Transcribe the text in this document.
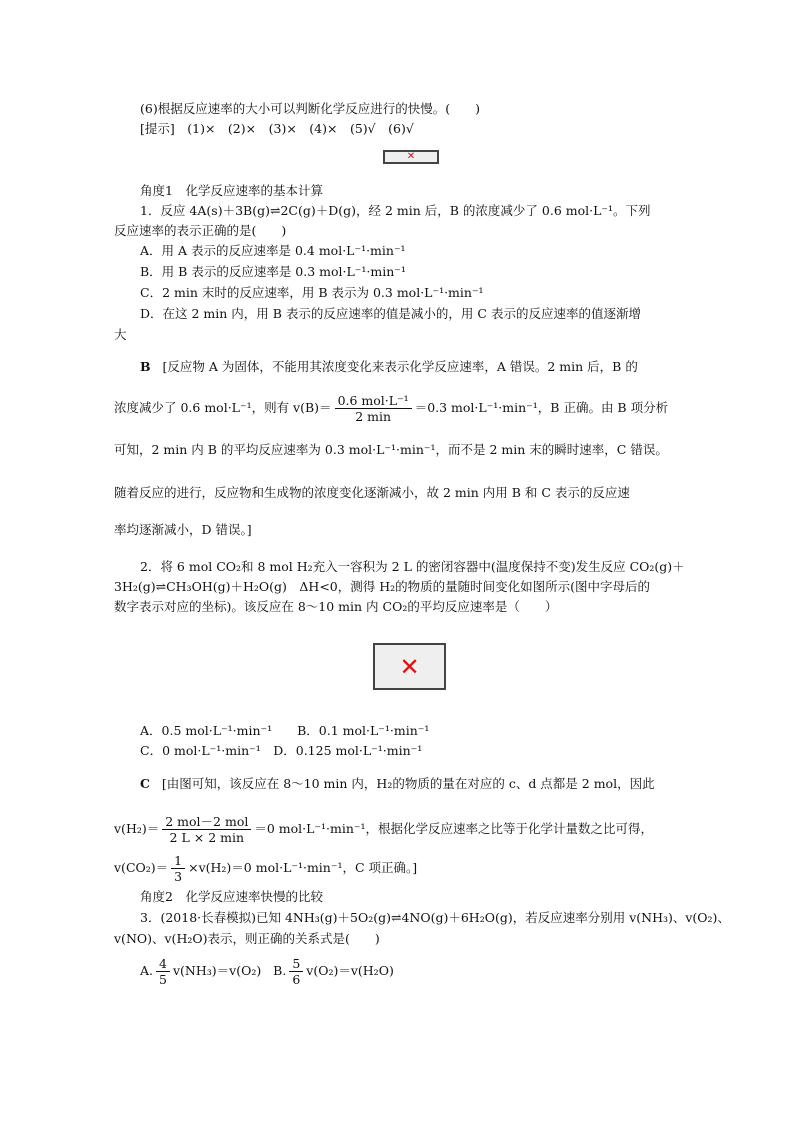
(6)根据反应速率的大小可以判断化学反应进行的快慢。(　　)
[提示]　(1)×　(2)×　(3)×　(4)×　(5)√　(6)√
✕
角度1　化学反应速率的基本计算
1．反应 4A(s)＋3B(g)⇌2C(g)＋D(g)，经 2 min 后，B 的浓度减少了 0.6 mol·L⁻¹。下列
反应速率的表示正确的是(　　)
A．用 A 表示的反应速率是 0.4 mol·L⁻¹·min⁻¹
B．用 B 表示的反应速率是 0.3 mol·L⁻¹·min⁻¹
C．2 min 末时的反应速率，用 B 表示为 0.3 mol·L⁻¹·min⁻¹
D．在这 2 min 内，用 B 表示的反应速率的值是减小的，用 C 表示的反应速率的值逐渐增
大
B [反应物 A 为固体，不能用其浓度变化来表示化学反应速率，A 错误。2 min 后，B 的
浓度减少了 0.6 mol·L⁻¹，则有 $v(B)= \frac{\text{0.6 mol·L⁻¹}}{2 \min} =0.3$ mol·L⁻¹·min⁻¹，B 正确。由 B 项分析
可知，2 min 内 B 的平均反应速率为 0.3 mol·L⁻¹·min⁻¹，而不是 2 min 末的瞬时速率，C 错误。
随着反应的进行，反应物和生成物的浓度变化逐渐减小，故 2 min 内用 B 和 C 表示的反应速
率均逐渐减小，D 错误。]
2．将 6 mol CO₂和 8 mol H₂充入一容积为 2 L 的密闭容器中(温度保持不变)发生反应 CO₂(g)＋
3H₂(g)⇌CH₃OH(g)＋H₂O(g)　ΔH<0，测得 H₂的物质的量随时间变化如图所示(图中字母后的
数字表示对应的坐标)。该反应在 8～10 min 内 CO₂的平均反应速率是（　　）
✕
A．0.5 mol·L⁻¹·min⁻¹　　B．0.1 mol·L⁻¹·min⁻¹
C．0 mol·L⁻¹·min⁻¹　D．0.125 mol·L⁻¹·min⁻¹
C [由图可知，该反应在 8～10 min 内，H₂的物质的量在对应的 c、d 点都是 2 mol，因此
$v(H_2)= \frac{\text{2 mol－2 mol}}{2 L \times 2 \min} =0$ mol·L⁻¹·min⁻¹，根据化学反应速率之比等于化学计量数之比可得，
$v(CO_2)= \frac{1}{3} \times v(H_2)=0$ mol·L⁻¹·min⁻¹，C 项正确。]
角度2　化学反应速率快慢的比较
3．(2018·长春模拟)已知 4NH₃(g)＋5O₂(g)⇌4NO(g)＋6H₂O(g)，若反应速率分别用 v(NH₃)、v(O₂)、
v(NO)、v(H₂O)表示，则正确的关系式是(　　)
A. $\frac{4}{5} v(NH_3)=v(O_2)$ B. $\frac{5}{6} v(O_2)=v(H_2O)$
